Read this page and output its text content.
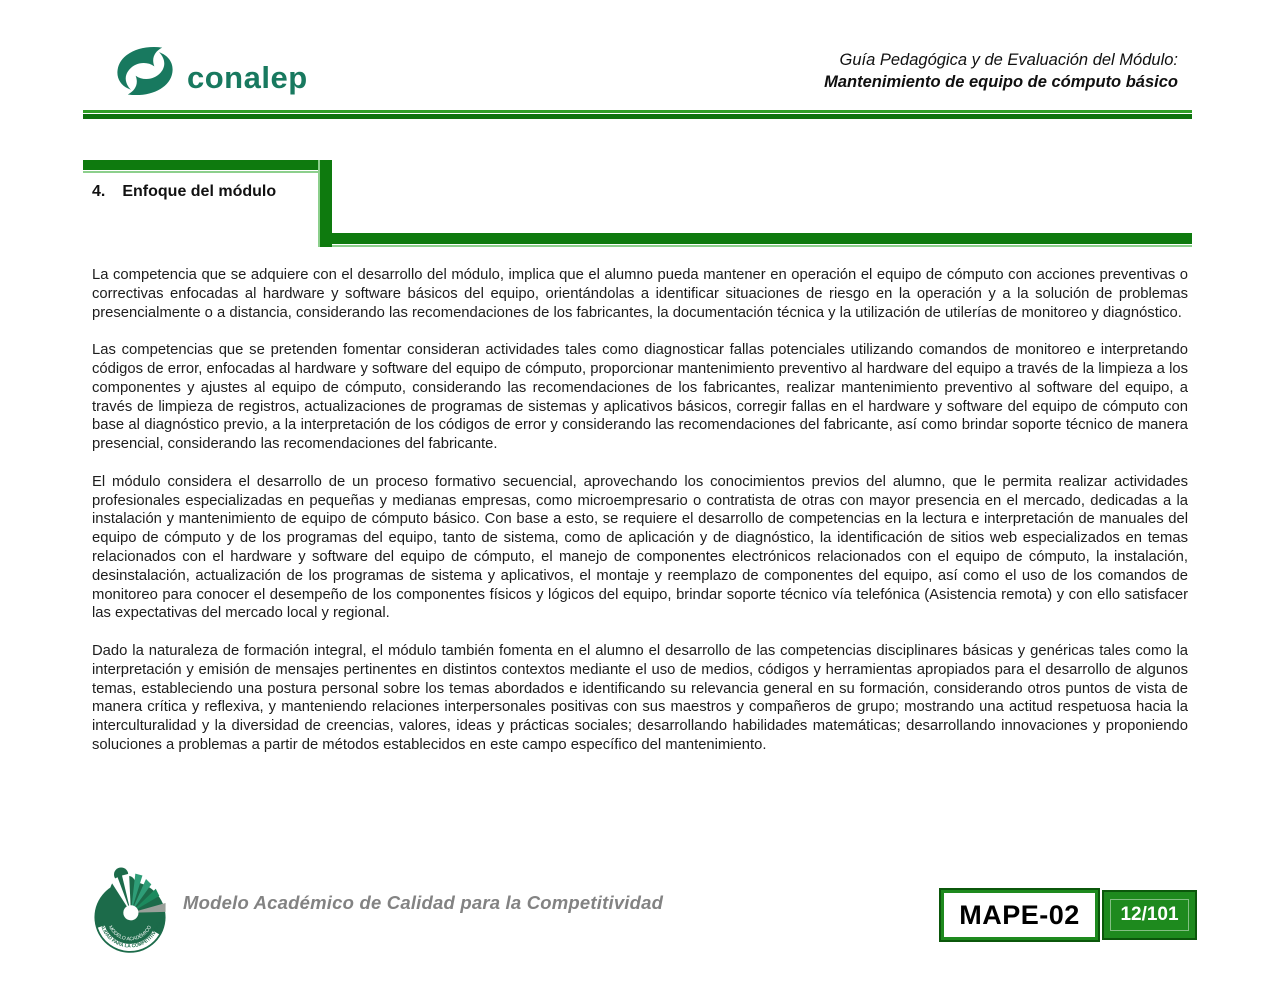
conalep	Guía Pedagógica y de Evaluación del Módulo:
Mantenimiento de equipo de cómputo básico
4. Enfoque del módulo

La competencia que se adquiere con el desarrollo del módulo, implica que el alumno pueda mantener en operación el equipo de cómputo con acciones preventivas o correctivas enfocadas al hardware y software básicos del equipo, orientándolas a identificar situaciones de riesgo en la operación y a la solución de problemas presencialmente o a distancia, considerando las recomendaciones de los fabricantes, la documentación técnica y la utilización de utilerías de monitoreo y diagnóstico.

Las competencias que se pretenden fomentar consideran actividades tales como diagnosticar fallas potenciales utilizando comandos de monitoreo e interpretando códigos de error, enfocadas al hardware y software del equipo de cómputo, proporcionar mantenimiento preventivo al hardware del equipo a través de la limpieza a los componentes y ajustes al equipo de cómputo, considerando las recomendaciones de los fabricantes, realizar mantenimiento preventivo al software del equipo, a través de limpieza de registros, actualizaciones de programas de sistemas y aplicativos básicos, corregir fallas en el hardware y software del equipo de cómputo con base al diagnóstico previo, a la interpretación de los códigos de error y considerando las recomendaciones del fabricante, así como brindar soporte técnico de manera presencial, considerando las recomendaciones del fabricante.

El módulo considera el desarrollo de un proceso formativo secuencial, aprovechando los conocimientos previos del alumno, que le permita realizar actividades profesionales especializadas en pequeñas y medianas empresas, como microempresario o contratista de otras con mayor presencia en el mercado, dedicadas a la instalación y mantenimiento de equipo de cómputo básico. Con base a esto, se requiere el desarrollo de competencias en la lectura e interpretación de manuales del equipo de cómputo y de los programas del equipo, tanto de sistema, como de aplicación y de diagnóstico, la identificación de sitios web especializados en temas relacionados con el hardware y software del equipo de cómputo, el manejo de componentes electrónicos relacionados con el equipo de cómputo, la instalación, desinstalación, actualización de los programas de sistema y aplicativos, el montaje y reemplazo de componentes del equipo, así como el uso de los comandos de monitoreo para conocer el desempeño de los componentes físicos y lógicos del equipo, brindar soporte técnico vía telefónica (Asistencia remota) y con ello satisfacer las expectativas del mercado local y regional.

Dado la naturaleza de formación integral, el módulo también fomenta en el alumno el desarrollo de las competencias disciplinares básicas y genéricas tales como la interpretación y emisión de mensajes pertinentes en distintos contextos mediante el uso de medios, códigos y herramientas apropiados para el desarrollo de algunos temas, estableciendo una postura personal sobre los temas abordados e identificando su relevancia general en su formación, considerando otros puntos de vista de manera crítica y reflexiva, y manteniendo relaciones interpersonales positivas con sus maestros y compañeros de grupo; mostrando una actitud respetuosa hacia la interculturalidad y la diversidad de creencias, valores, ideas y prácticas sociales; desarrollando habilidades matemáticas; desarrollando innovaciones y proponiendo soluciones a problemas a partir de métodos establecidos en este campo específico del mantenimiento.

MODELO ACADÉMICO
CALIDAD PARA LA COMPETITIVIDAD
Modelo Académico de Calidad para la Competitividad	MAPE-02	12/101
